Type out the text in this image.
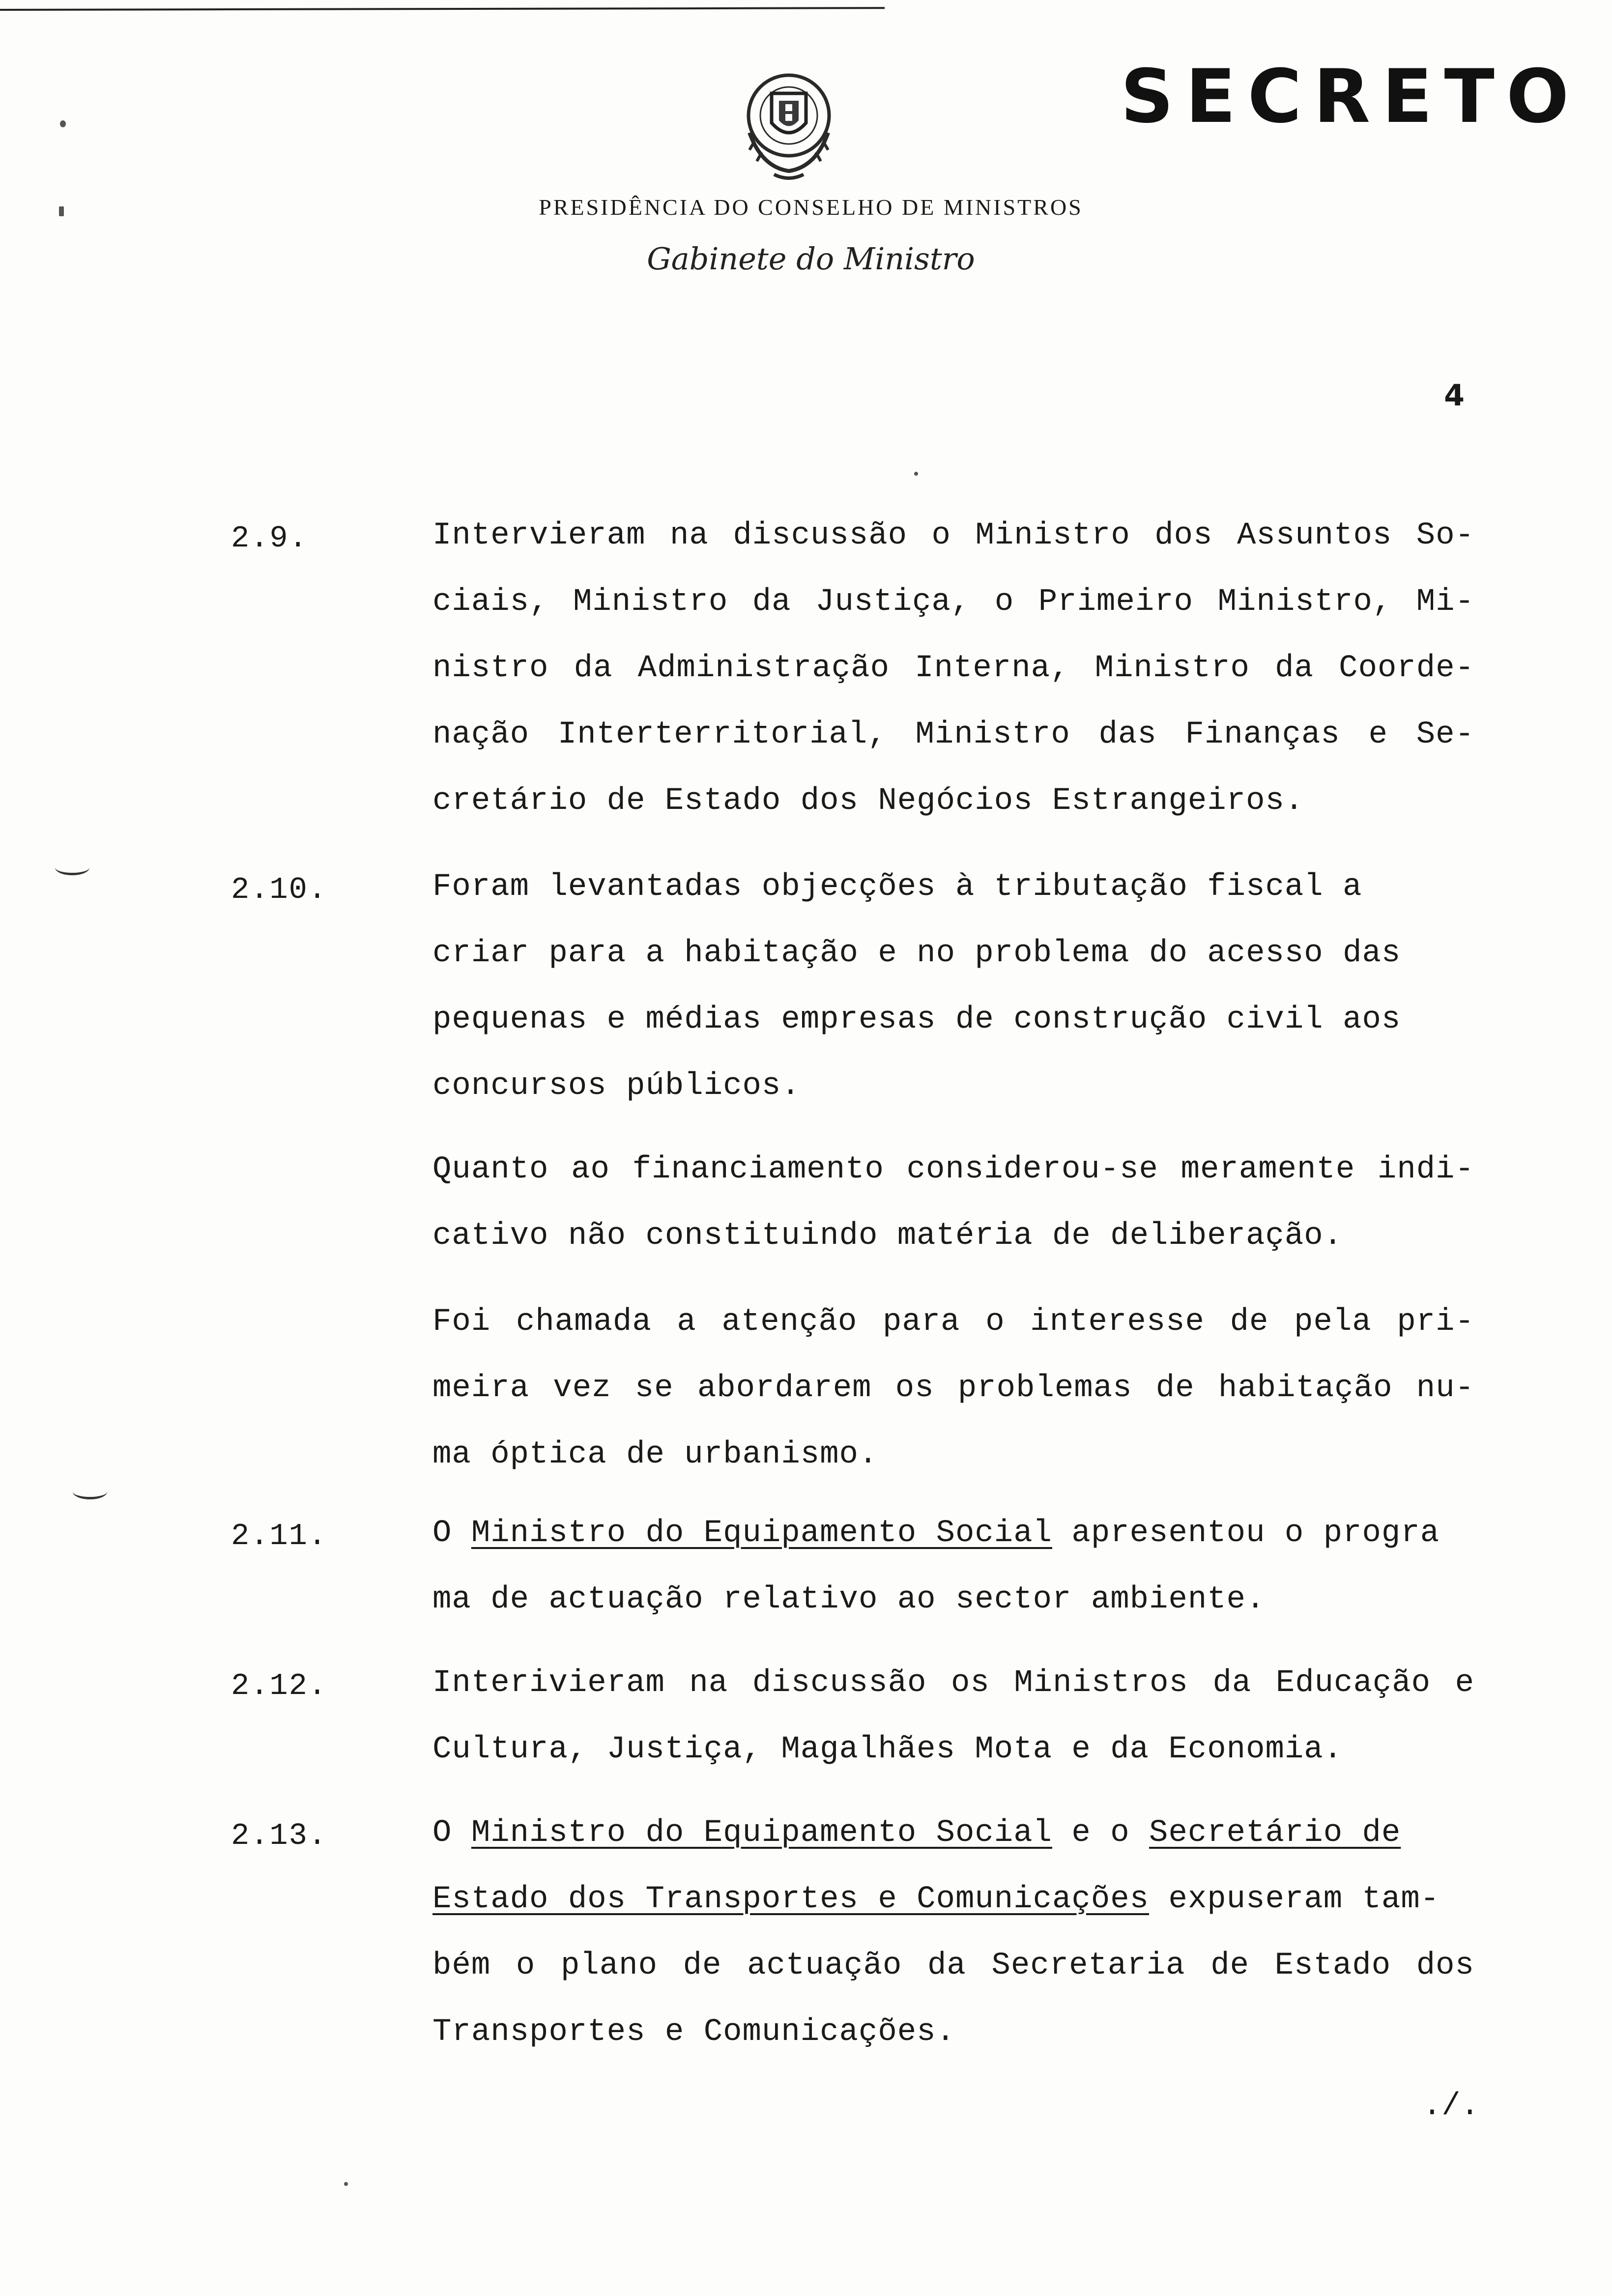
SECRETO
PRESIDÊNCIA DO CONSELHO DE MINISTROS
Gabinete do Ministro
4
2.9.	Intervieram na discussão o Ministro dos Assuntos So-
ciais, Ministro da Justiça, o Primeiro Ministro, Mi-
nistro da Administração Interna, Ministro da Coorde-
nação Interterritorial, Ministro das Finanças e Se-
cretário de Estado dos Negócios Estrangeiros.
2.10.	Foram levantadas objecções à tributação fiscal a
criar para a habitação e no problema do acesso das
pequenas e médias empresas de construção civil aos
concursos públicos.
Quanto ao financiamento considerou-se meramente indi-
cativo não constituindo matéria de deliberação.
Foi chamada a atenção para o interesse de pela pri-
meira vez se abordarem os problemas de habitação nu-
ma óptica de urbanismo.
2.11.	O Ministro do Equipamento Social apresentou o progra
ma de actuação relativo ao sector ambiente.
2.12.	Interivieram na discussão os Ministros da Educação e
Cultura, Justiça, Magalhães Mota e da Economia.
2.13.	O Ministro do Equipamento Social e o Secretário de
Estado dos Transportes e Comunicações expuseram tam-
bém o plano de actuação da Secretaria de Estado dos
Transportes e Comunicações.
./.
